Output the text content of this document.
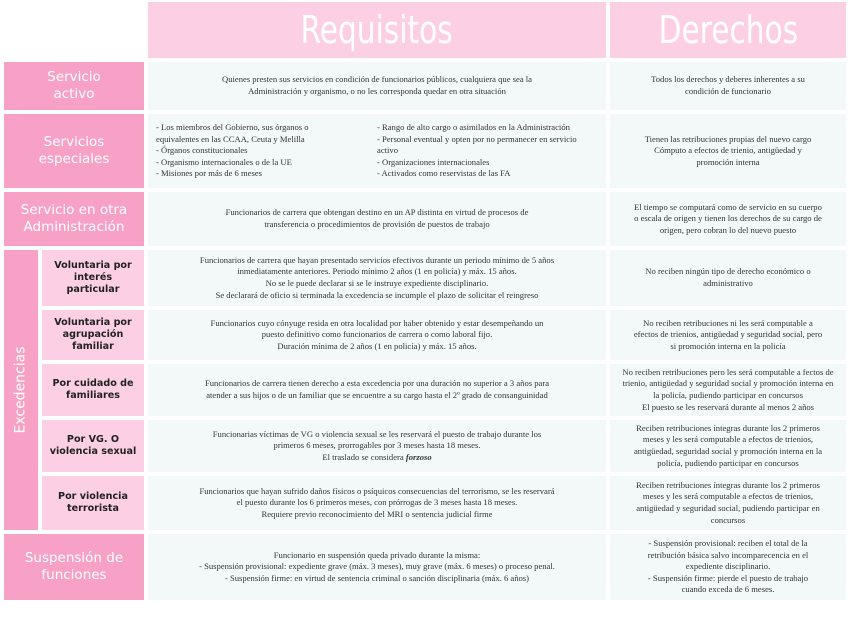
Requisitos	Derechos
Servicio
activo
Quienes presten sus servicios en condición de funcionarios públicos, cualquiera que sea la
Administración y organismo, o no les corresponda quedar en otra situación
Todos los derechos y deberes inherentes a su
condición de funcionario
Servicios
especiales
- Los miembros del Gobierno, sus órganos o
equivalentes en las CCAA, Ceuta y Melilla
- Órganos constitucionales
- Organismo internacionales o de la UE
- Misiones por más de 6 meses
- Rango de alto cargo o asimilados en la Administración
- Personal eventual y opten por no permanecer en servicio
activo
- Organizaciones internacionales
- Activados como reservistas de las FA
Tienen las retribuciones propias del nuevo cargo
Cómputo a efectos de trienio, antigüedad y
promoción interna
Servicio en otra
Administración
Funcionarios de carrera que obtengan destino en un AP distinta en virtud de procesos de
transferencia o procedimientos de provisión de puestos de trabajo
El tiempo se computará como de servicio en su cuerpo
o escala de origen y tienen los derechos de su cargo de
origen, pero cobran lo del nuevo puesto
Excedencias
Voluntaria por
interés
particular
Funcionarios de carrera que hayan presentado servicios efectivos durante un periodo mínimo de 5 años
inmediatamente anteriores. Periodo mínimo 2 años (1 en policía) y máx. 15 años.
No se le puede declarar si se le instruye expediente disciplinario.
Se declarará de oficio si terminada la excedencia se incumple el plazo de solicitar el reingreso
No reciben ningún tipo de derecho económico o
administrativo
Voluntaria por
agrupación familiar
Funcionarios cuyo cónyuge resida en otra localidad por haber obtenido y estar desempeñando un
puesto definitivo como funcionarios de carrera o como laboral fijo.
Duración mínima de 2 años (1 en policía) y máx. 15 años.
No reciben retribuciones ni les será computable a
efectos de trienios, antigüedad y seguridad social, pero
si promoción interna en la policía
Por cuidado de
familiares
Funcionarios de carrera tienen derecho a esta excedencia por una duración no superior a 3 años para
atender a sus hijos o de un familiar que se encuentre a su cargo hasta el 2º grado de consanguinidad
No reciben retribuciones pero les será computable a fectos de
trienio, antigüedad y seguridad social y promoción interna en
la policía, pudiendo participar en concursos
El puesto se les reservará durante al menos 2 años
Por VG. O
violencia sexual
Funcionarias víctimas de VG o violencia sexual se les reservará el puesto de trabajo durante los
primeros 6 meses, prorrogables por 3 meses hasta 18 meses.
El traslado se considera forzoso
Reciben retribuciones íntegras durante los 2 primeros
meses y les será computable a efectos de trienios,
antigüedad, seguridad social y promoción interna en la
policía, pudiendo participar en concursos
Por violencia
terrorista
Funcionarios que hayan sufrido daños físicos o psíquicos consecuencias del terrorismo, se les reservará
el puesto durante los 6 primeros meses, con prórrogas de 3 meses hasta 18 meses.
Requiere previo reconocimiento del MRI o sentencia judicial firme
Reciben retribuciones íntegras durante los 2 primeros
meses y les será computable a efectos de trienios,
antigüedad y seguridad social, pudiendo participar en
concursos
Suspensión de
funciones
Funcionario en suspensión queda privado durante la misma:
- Suspensión provisional: expediente grave (máx. 3 meses), muy grave (máx. 6 meses) o proceso penal.
- Suspensión firme: en virtud de sentencia criminal o sanción disciplinaria (máx. 6 años)
- Suspensión provisional: reciben el total de la
retribución básica salvo incomparecencia en el
expediente disciplinario.
- Suspensión firme: pierde el puesto de trabajo
cuando exceda de 6 meses.
